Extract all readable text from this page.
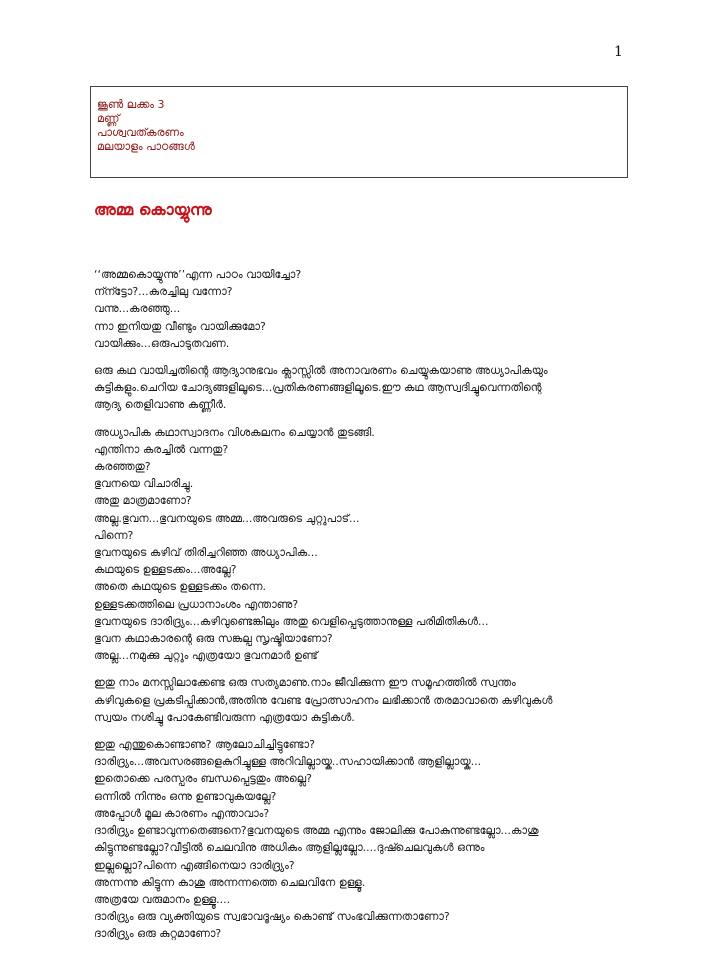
1
ജൂൺ ലക്കം 3
മണ്ണ്
പാശ്വവത്കരണം
മലയാളം പാഠങ്ങൾ
അമ്മ കൊയ്യുന്നു
‘‘അമ്മകൊയ്യുന്നു’’എന്ന പാഠം വായിച്ചോ?
ന്ന്ട്ടോ?...കരച്ചിലു വന്നോ?
വന്നു...കരഞ്ഞു...
ന്നാ ഇനിയതു വീണ്ടും വായിക്കുമോ?
വായിക്കും...ഒരുപാടുതവണ.
ഒരു കഥ വായിച്ചതിന്റെ ആദ്യാനുഭവം ക്ലാസ്സിൽ അനാവരണം ചെയ്യുകയാണു അധ്യാപികയും
കുട്ടികളും.ചെറിയ ചോദ്യങ്ങളിലൂടെ...പ്രതികരണങ്ങളിലൂടെ.ഈ കഥ ആസ്വദിച്ചുവെന്നതിന്റെ
ആദ്യ തെളിവാണു കണ്ണീർ.
അധ്യാപിക കഥാസ്വാദനം വിശകലനം ചെയ്യാൻ തുടങ്ങി.
എന്തിനാ കരച്ചിൽ വന്നതു?
കരഞ്ഞതു?
ഭുവനയെ വിചാരിച്ചു.
അതു മാത്രമാണോ?
അല്ല.ഭുവന...ഭുവനയുടെ അമ്മ...അവരുടെ ചുറ്റുപാട്...
പിന്നെ?
ഭുവനയുടെ കഴിവ് തിരിച്ചറിഞ്ഞ അധ്യാപിക...
കഥയുടെ ഉള്ളടക്കം...അല്ലേ?
അതെ കഥയുടെ ഉള്ളടക്കം തന്നെ.
ഉള്ളടക്കത്തിലെ പ്രധാനാംശം എന്താണു?
ഭുവനയുടെ ദാരിദ്ര്യം...കഴിവുണ്ടെങ്കിലും അതു വെളിപ്പെടുത്താനുള്ള പരിമിതികൾ...
ഭുവന കഥാകാരന്റെ ഒരു സങ്കല്പ സൃഷ്ടിയാണോ?
അല്ല...നമുക്കു ചുറ്റും എത്രയോ ഭുവനമാർ ഉണ്ട്
ഇതു നാം മനസ്സിലാക്കേണ്ട ഒരു സത്യമാണു.നാം ജീവിക്കുന്ന ഈ സമൂഹത്തിൽ സ്വന്തം
കഴിവുകളെ പ്രകടിപ്പിക്കാൻ,അതിനു വേണ്ട പ്രോത്സാഹനം ലഭിക്കാൻ തരമാവാതെ കഴിവുകൾ
സ്വയം നശിച്ചു പോകേണ്ടിവരുന്ന എത്രയോ കുട്ടികൾ.
ഇതു എന്തുകൊണ്ടാണു? ആലോചിച്ചിട്ടുണ്ടോ?
ദാരിദ്ര്യം...അവസരങ്ങളെകുറിച്ചുള്ള അറിവില്ലായ്ക..സഹായിക്കാൻ ആളില്ലായ്ക...
ഇതൊക്കെ പരസ്പരം ബന്ധപ്പെട്ടതും അല്ലെ?
ഒന്നിൽ നിന്നും ഒന്നു ഉണ്ടാവുകയല്ലേ?
അപ്പോൾ മൂല കാരണം എന്താവാം?
ദാരിദ്ര്യം ഉണ്ടാവുന്നതെങ്ങനെ?ഭുവനയുടെ അമ്മ എന്നും ജോലിക്കു പോകുന്നുണ്ടല്ലോ...കാശു
കിട്ടുന്നുണ്ടല്ലോ?വീട്ടിൽ ചെലവിനു അധികം ആളില്ലല്ലോ....ദുഷ്ചെലവുകൾ ഒന്നും
ഇല്ലല്ലൊ?പിന്നെ എങ്ങിനെയാ ദാരിദ്ര്യം?
അന്നന്നു കിട്ടുന്ന കാശു അന്നന്നത്തെ ചെലവിനേ ഉള്ളൂ.
അത്രയേ വരുമാനം ഉള്ളൂ....
ദാരിദ്ര്യം ഒരു വ്യക്തിയുടെ സ്വഭാവദൂഷ്യം കൊണ്ട് സംഭവിക്കുന്നതാണോ?
ദാരിദ്ര്യം ഒരു കുറ്റമാണോ?
